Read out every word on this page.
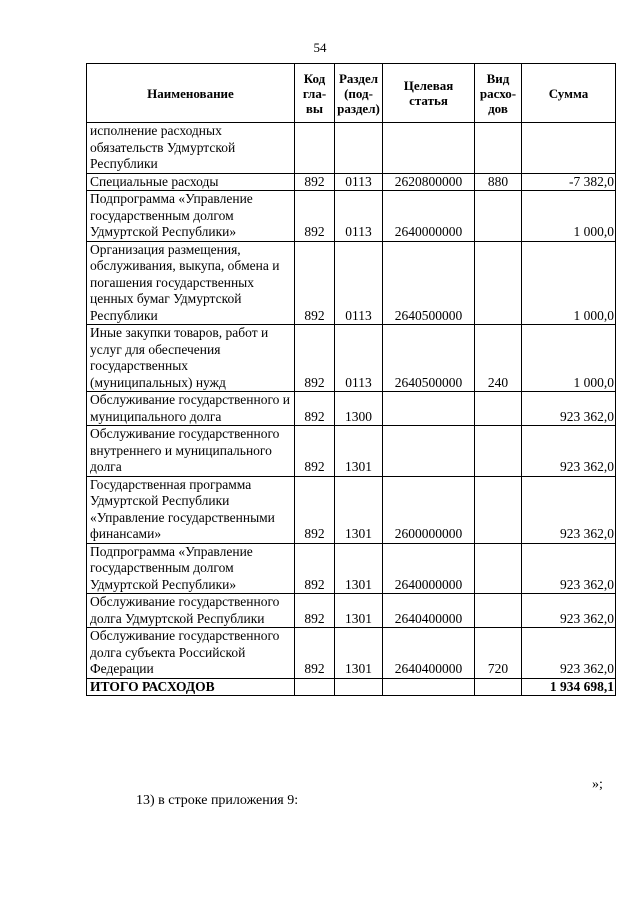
54
Наименование	Код гла-вы	Раздел (под-раздел)	Целевая статья	Вид расхо-дов	Сумма
исполнение расходных обязательств Удмуртской Республики					
Специальные расходы	892	0113	2620800000	880	-7 382,0
Подпрограмма «Управление государственным долгом Удмуртской Республики»	892	0113	2640000000		1 000,0
Организация размещения, обслуживания, выкупа, обмена и погашения государственных ценных бумаг Удмуртской Республики	892	0113	2640500000		1 000,0
Иные закупки товаров, работ и услуг для обеспечения государственных (муниципальных) нужд	892	0113	2640500000	240	1 000,0
Обслуживание государственного и муниципального долга	892	1300			923 362,0
Обслуживание государственного внутреннего и муниципального долга	892	1301			923 362,0
Государственная программа Удмуртской Республики «Управление государственными финансами»	892	1301	2600000000		923 362,0
Подпрограмма «Управление государственным долгом Удмуртской Республики»	892	1301	2640000000		923 362,0
Обслуживание государственного долга Удмуртской Республики	892	1301	2640400000		923 362,0
Обслуживание государственного долга субъекта Российской Федерации	892	1301	2640400000	720	923 362,0
ИТОГО РАСХОДОВ					1 934 698,1
»;
13) в строке приложения 9:
